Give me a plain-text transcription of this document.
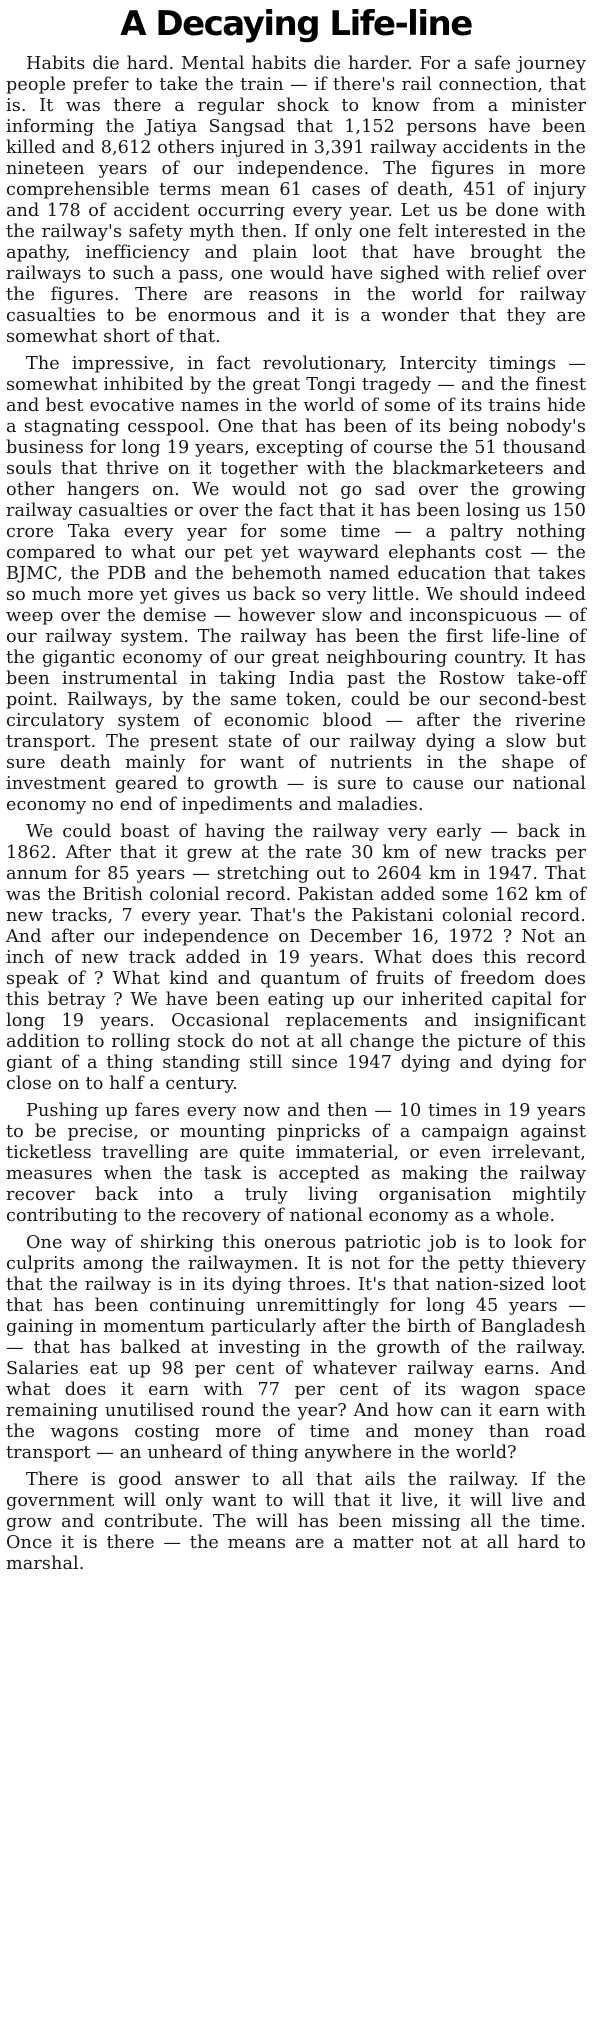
A Decaying Life-line

Habits die hard. Mental habits die harder. For a safe journey people prefer to take the train — if there's rail connection, that is. It was there a regular shock to know from a minister informing the Jatiya Sangsad that 1,152 persons have been killed and 8,612 others injured in 3,391 railway accidents in the nineteen years of our independence. The figures in more comprehensible terms mean 61 cases of death, 451 of injury and 178 of accident occurring every year. Let us be done with the railway's safety myth then. If only one felt interested in the apathy, inefficiency and plain loot that have brought the railways to such a pass, one would have sighed with relief over the figures. There are reasons in the world for railway casualties to be enormous and it is a wonder that they are somewhat short of that.

The impressive, in fact revolutionary, Intercity timings — somewhat inhibited by the great Tongi tragedy — and the finest and best evocative names in the world of some of its trains hide a stagnating cesspool. One that has been of its being nobody's business for long 19 years, excepting of course the 51 thousand souls that thrive on it together with the blackmarketeers and other hangers on. We would not go sad over the growing railway casualties or over the fact that it has been losing us 150 crore Taka every year for some time — a paltry nothing compared to what our pet yet wayward elephants cost — the BJMC, the PDB and the behemoth named education that takes so much more yet gives us back so very little. We should indeed weep over the demise — however slow and inconspicuous — of our railway system. The railway has been the first life-line of the gigantic economy of our great neighbouring country. It has been instrumental in taking India past the Rostow take-off point. Railways, by the same token, could be our second-best circulatory system of economic blood — after the riverine transport. The present state of our railway dying a slow but sure death mainly for want of nutrients in the shape of investment geared to growth — is sure to cause our national economy no end of inpediments and maladies.

We could boast of having the railway very early — back in 1862. After that it grew at the rate 30 km of new tracks per annum for 85 years — stretching out to 2604 km in 1947. That was the British colonial record. Pakistan added some 162 km of new tracks, 7 every year. That's the Pakistani colonial record. And after our independence on December 16, 1972 ? Not an inch of new track added in 19 years. What does this record speak of ? What kind and quantum of fruits of freedom does this betray ? We have been eating up our inherited capital for long 19 years. Occasional replacements and insignificant addition to rolling stock do not at all change the picture of this giant of a thing standing still since 1947 dying and dying for close on to half a century.

Pushing up fares every now and then — 10 times in 19 years to be precise, or mounting pinpricks of a campaign against ticketless travelling are quite immaterial, or even irrelevant, measures when the task is accepted as making the railway recover back into a truly living organisation mightily contributing to the recovery of national economy as a whole.

One way of shirking this onerous patriotic job is to look for culprits among the railwaymen. It is not for the petty thievery that the railway is in its dying throes. It's that nation-sized loot that has been continuing unremittingly for long 45 years — gaining in momentum particularly after the birth of Bangladesh — that has balked at investing in the growth of the railway. Salaries eat up 98 per cent of whatever railway earns. And what does it earn with 77 per cent of its wagon space remaining unutilised round the year? And how can it earn with the wagons costing more of time and money than road transport — an unheard of thing anywhere in the world?

There is good answer to all that ails the railway. If the government will only want to will that it live, it will live and grow and contribute. The will has been missing all the time. Once it is there — the means are a matter not at all hard to marshal.
